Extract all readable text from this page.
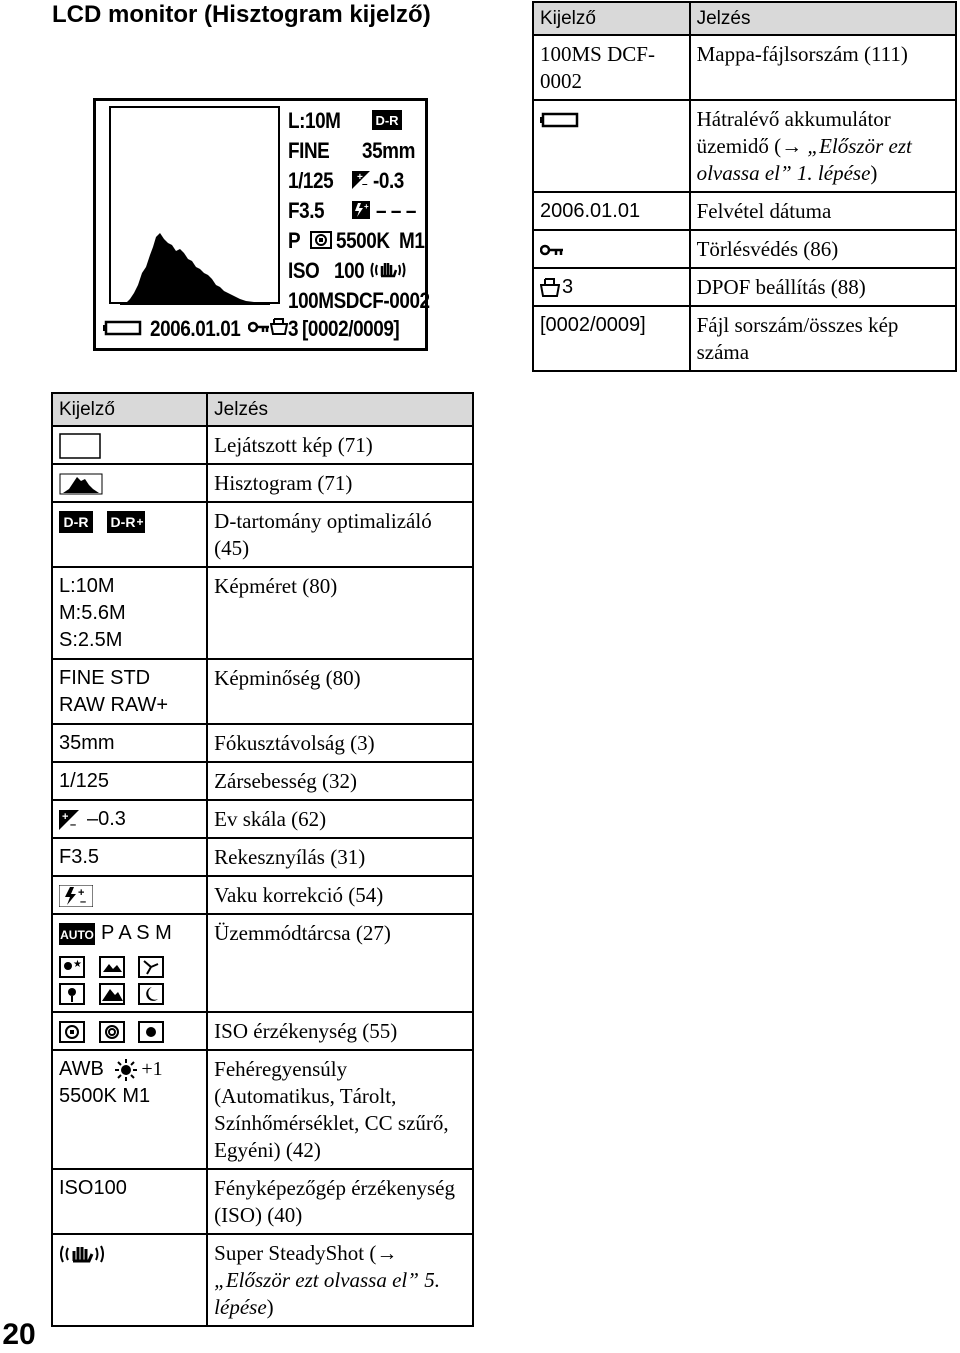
LCD monitor (Hisztogram kijelző)
L:10M	D-R
FINE 35mm
1/125 +
– -0.3
F3.5	+ – – –
P 5500K M1
ISO 100
100MSDCF-0002
2006.01.01 3 [0002/0009]
Kijelző	Jelzés
100MS DCF-0002	Mappa-fájlsorszám (111)
	Hátralévő akkumulátor üzemidő (→ „Először ezt olvassa el” 1. lépése)
2006.01.01	Felvétel dátuma
	Törlésvédés (86)
3	DPOF beállítás (88)
[0002/0009]	Fájl sorszám/összes kép száma
Kijelző	Jelzés
	Lejátszott kép (71)
	Hisztogram (71)

D-R
D-R +	D-tartomány optimalizáló (45)
L:10M
M:5.6M
S:2.5M	Képméret (80)
FINE STD
RAW RAW+	Képminőség (80)
35mm	Fókusztávolság (3)
1/125	Zársebesség (32)

+
– –0.3	Ev skála (62)
F3.5	Rekesznyílás (31)

+
–	Vaku korrekció (54)

AUTO P A S M
★	Üzemmódtárcsa (27)
	ISO érzékenység (55)
AWB +1
5500K M1	Fehéregyensúly (Automatikus, Tárolt, Színhőmérséklet, CC szűrő, Egyéni) (42)
ISO100	Fényképezőgép érzékenység (ISO) (40)
	Super SteadyShot (→ „Először ezt olvassa el” 5. lépése)
20
